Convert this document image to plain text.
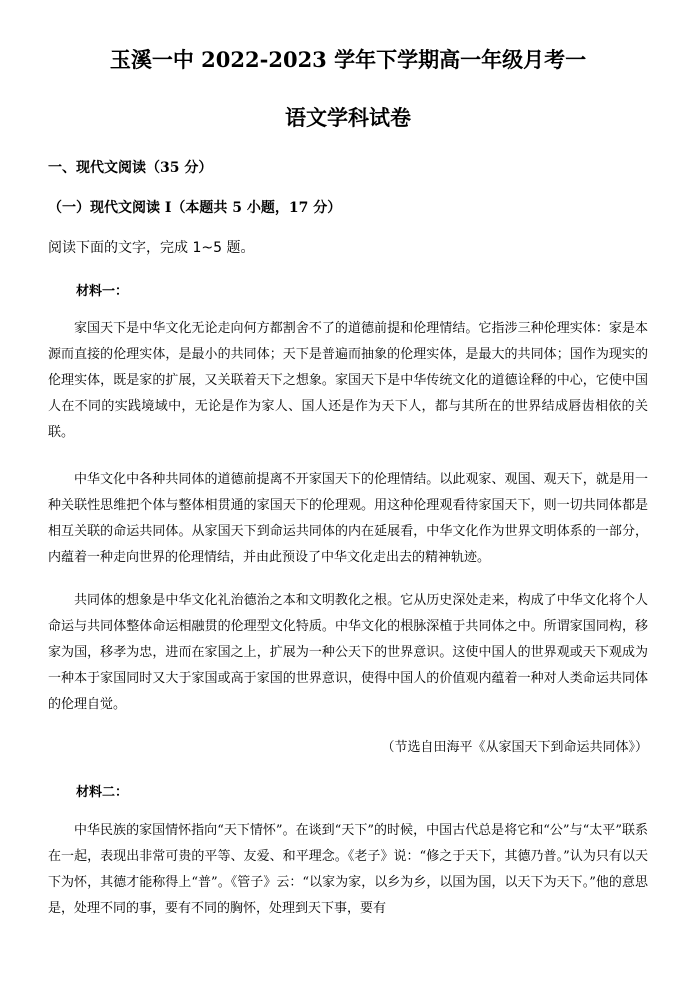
玉溪一中 2022-2023 学年下学期高一年级月考一
语文学科试卷
一、现代文阅读（35 分）
（一）现代文阅读 I（本题共 5 小题，17 分）
阅读下面的文字，完成 1~5 题。
材料一：

家国天下是中华文化无论走向何方都割舍不了的道德前提和伦理情结。它指涉三种伦理实体：家是本源而直接的伦理实体，是最小的共同体；天下是普遍而抽象的伦理实体，是最大的共同体；国作为现实的伦理实体，既是家的扩展，又关联着天下之想象。家国天下是中华传统文化的道德诠释的中心，它使中国人在不同的实践境域中，无论是作为家人、国人还是作为天下人，都与其所在的世界结成唇齿相依的关联。

中华文化中各种共同体的道德前提离不开家国天下的伦理情结。以此观家、观国、观天下，就是用一种关联性思维把个体与整体相贯通的家国天下的伦理观。用这种伦理观看待家国天下，则一切共同体都是相互关联的命运共同体。从家国天下到命运共同体的内在延展看，中华文化作为世界文明体系的一部分，内蕴着一种走向世界的伦理情结，并由此预设了中华文化走出去的精神轨迹。

共同体的想象是中华文化礼治德治之本和文明教化之根。它从历史深处走来，构成了中华文化将个人命运与共同体整体命运相融贯的伦理型文化特质。中华文化的根脉深植于共同体之中。所谓家国同构，移家为国，移孝为忠，进而在家国之上，扩展为一种公天下的世界意识。这使中国人的世界观或天下观成为一种本于家国同时又大于家国或高于家国的世界意识，使得中国人的价值观内蕴着一种对人类命运共同体的伦理自觉。

（节选自田海平《从家国天下到命运共同体》）
材料二：

中华民族的家国情怀指向“天下情怀”。在谈到“天下”的时候，中国古代总是将它和“公”与“太平”联系在一起，表现出非常可贵的平等、友爱、和平理念。《老子》说：“修之于天下，其德乃普。”认为只有以天下为怀，其德才能称得上“普”。《管子》云：“以家为家，以乡为乡，以国为国，以天下为天下。”他的意思是，处理不同的事，要有不同的胸怀，处理到天下事，要有
